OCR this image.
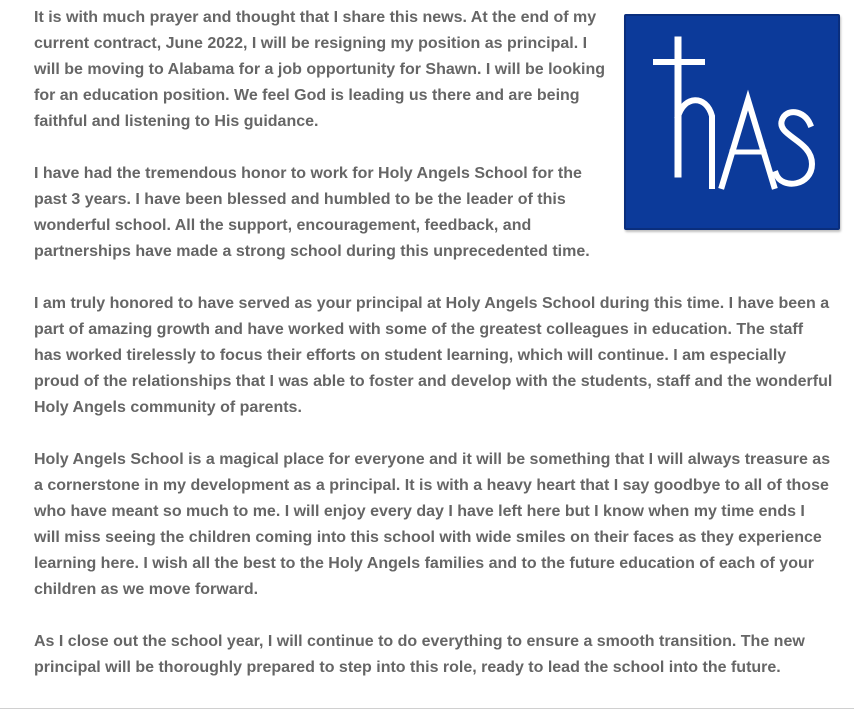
It is with much prayer and thought that I share this news. At the end of my current contract, June 2022, I will be resigning my position as principal. I will be moving to Alabama for a job opportunity for Shawn. I will be looking for an education position. We feel God is leading us there and are being faithful and listening to His guidance.

I have had the tremendous honor to work for Holy Angels School for the past 3 years. I have been blessed and humbled to be the leader of this wonderful school. All the support, encouragement, feedback, and partnerships have made a strong school during this unprecedented time.

I am truly honored to have served as your principal at Holy Angels School during this time. I have been a part of amazing growth and have worked with some of the greatest colleagues in education. The staff has worked tirelessly to focus their efforts on student learning, which will continue. I am especially proud of the relationships that I was able to foster and develop with the students, staff and the wonderful Holy Angels community of parents.

Holy Angels School is a magical place for everyone and it will be something that I will always treasure as a cornerstone in my development as a principal. It is with a heavy heart that I say goodbye to all of those who have meant so much to me. I will enjoy every day I have left here but I know when my time ends I will miss seeing the children coming into this school with wide smiles on their faces as they experience learning here. I wish all the best to the Holy Angels families and to the future education of each of your children as we move forward.

As I close out the school year, I will continue to do everything to ensure a smooth transition. The new principal will be thoroughly prepared to step into this role, ready to lead the school into the future.
